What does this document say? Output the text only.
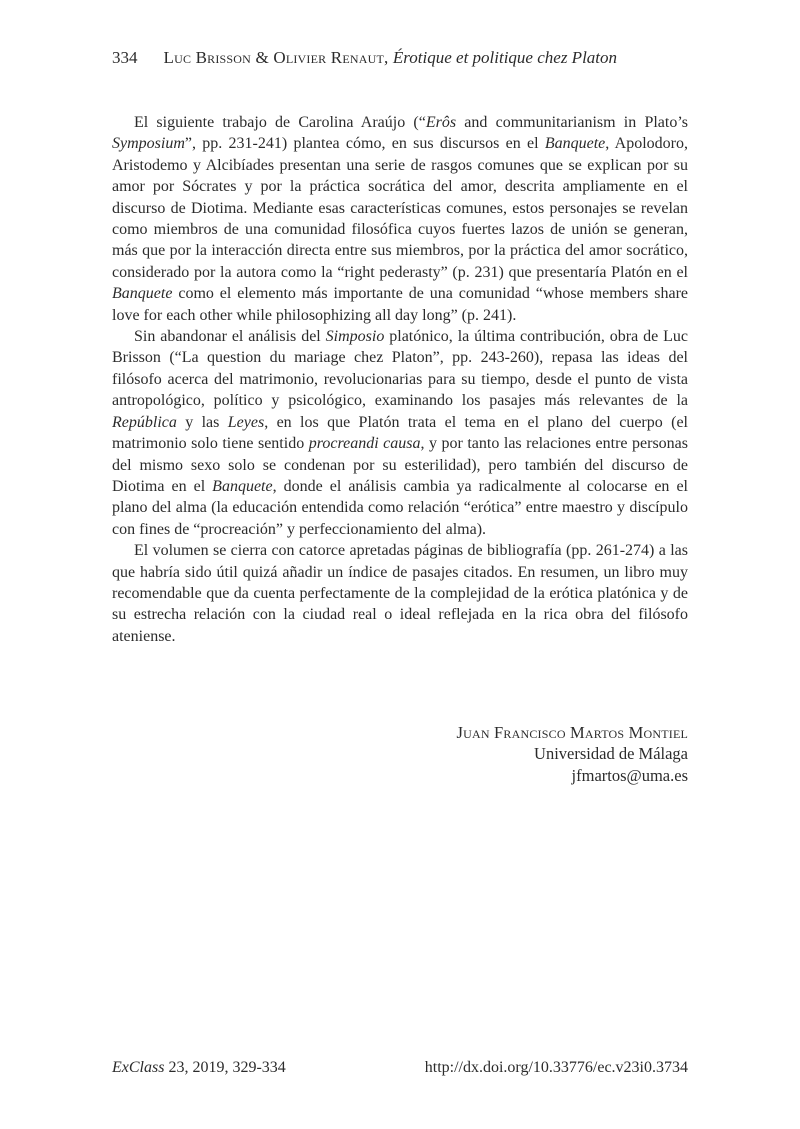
334 Luc Brisson & Olivier Renaut, Érotique et politique chez Platon

El siguiente trabajo de Carolina Araújo (“Erôs and communitarianism in Plato’s Symposium”, pp. 231-241) plantea cómo, en sus discursos en el Banquete, Apolodoro, Aristodemo y Alcibíades presentan una serie de rasgos comunes que se explican por su amor por Sócrates y por la práctica socrática del amor, descrita ampliamente en el discurso de Diotima. Mediante esas características comunes, estos personajes se revelan como miembros de una comunidad filosófica cuyos fuertes lazos de unión se generan, más que por la interacción directa entre sus miembros, por la práctica del amor socrático, considerado por la autora como la “right pederasty” (p. 231) que presentaría Platón en el Banquete como el elemento más importante de una comunidad “whose members share love for each other while philosophizing all day long” (p. 241).

Sin abandonar el análisis del Simposio platónico, la última contribución, obra de Luc Brisson (“La question du mariage chez Platon”, pp. 243-260), repasa las ideas del filósofo acerca del matrimonio, revolucionarias para su tiempo, desde el punto de vista antropológico, político y psicológico, examinando los pasajes más relevantes de la República y las Leyes, en los que Platón trata el tema en el plano del cuerpo (el matrimonio solo tiene sentido procreandi causa, y por tanto las relaciones entre personas del mismo sexo solo se condenan por su esterilidad), pero también del discurso de Diotima en el Banquete, donde el análisis cambia ya radicalmente al colocarse en el plano del alma (la educación entendida como relación “erótica” entre maestro y discípulo con fines de “procreación” y perfeccionamiento del alma).

El volumen se cierra con catorce apretadas páginas de bibliografía (pp. 261-274) a las que habría sido útil quizá añadir un índice de pasajes citados. En resumen, un libro muy recomendable que da cuenta perfectamente de la complejidad de la erótica platónica y de su estrecha relación con la ciudad real o ideal reflejada en la rica obra del filósofo ateniense.

Juan Francisco Martos Montiel
Universidad de Málaga
jfmartos@uma.es
ExClass 23, 2019, 329-334	http://dx.doi.org/10.33776/ec.v23i0.3734
